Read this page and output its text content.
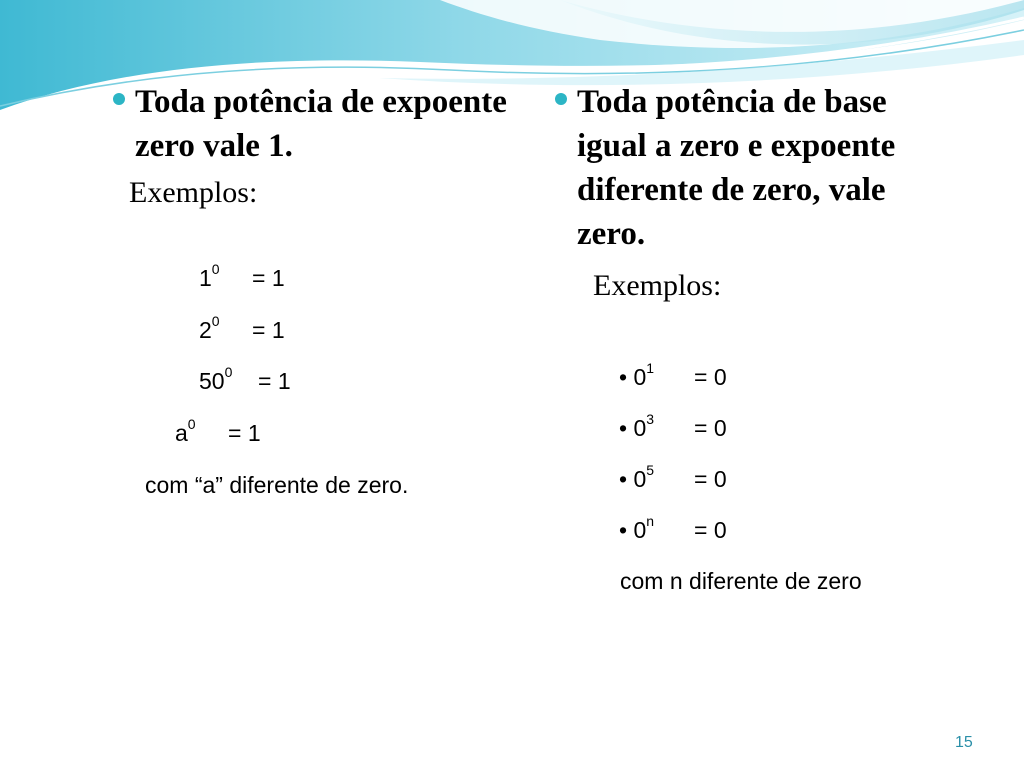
Toda potência de expoente zero vale 1.

Exemplos:
$1^0 = 1$
$2^0 = 1$
$50^0 = 1$
$a^0 = 1$
com “a” diferente de zero.

Toda potência de base igual a zero e expoente diferente de zero, vale zero.

Exemplos:
• $0^1 = 0$
• $0^3 = 0$
• $0^5 = 0$
• $0^n = 0$
com n diferente de zero
15
